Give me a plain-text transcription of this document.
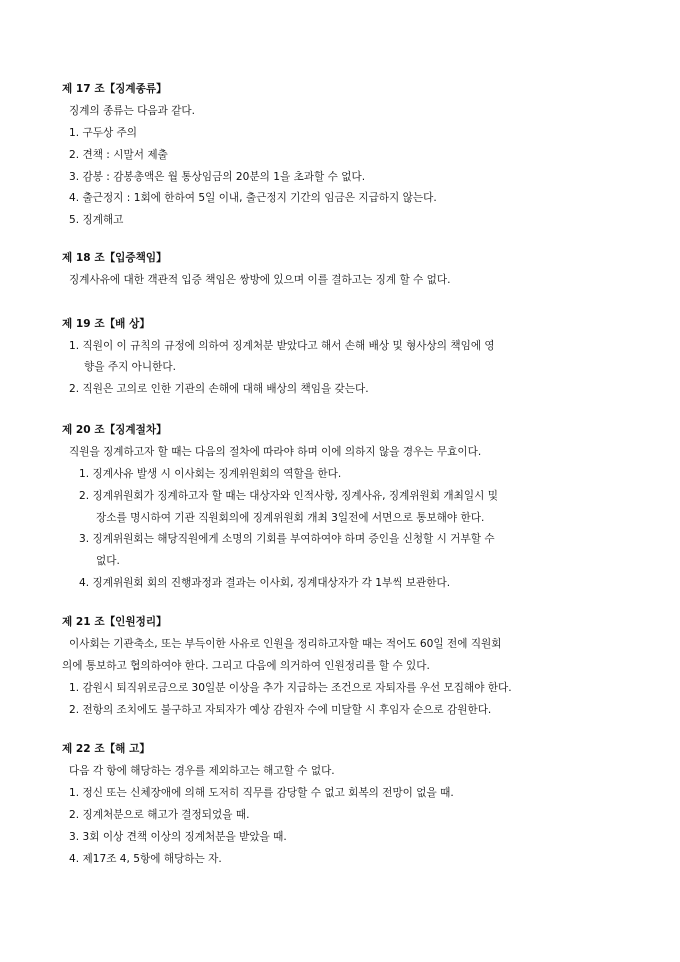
제 17 조【징계종류】
징계의 종류는 다음과 같다.
1. 구두상 주의
2. 견책 : 시말서 제출
3. 감봉 : 감봉총액은 월 통상임금의 20분의 1을 초과할 수 없다.
4. 출근정지 : 1회에 한하여 5일 이내, 출근정지 기간의 임금은 지급하지 않는다.
5. 징계해고
제 18 조【입증책임】
징계사유에 대한 객관적 입증 책임은 쌍방에 있으며 이를 결하고는 징계 할 수 없다.
제 19 조【배 상】
1. 직원이 이 규칙의 규정에 의하여 징계처분 받았다고 해서 손해 배상 및 형사상의 책임에 영
향을 주지 아니한다.
2. 직원은 고의로 인한 기관의 손해에 대해 배상의 책임을 갖는다.
제 20 조【징계절차】
직원을 징계하고자 할 때는 다음의 절차에 따라야 하며 이에 의하지 않을 경우는 무효이다.
1. 징계사유 발생 시 이사회는 징계위원회의 역할을 한다.
2. 징계위원회가 징계하고자 할 때는 대상자와 인적사항, 징계사유, 징계위원회 개최일시 및
장소를 명시하여 기관 직원회의에 징계위원회 개최 3일전에 서면으로 통보해야 한다.
3. 징계위원회는 해당직원에게 소명의 기회를 부여하여야 하며 증인을 신청할 시 거부할 수
없다.
4. 징계위원회 회의 진행과정과 결과는 이사회, 징계대상자가 각 1부씩 보관한다.
제 21 조【인원정리】
이사회는 기관축소, 또는 부득이한 사유로 인원을 정리하고자할 때는 적어도 60일 전에 직원회
의에 통보하고 협의하여야 한다. 그리고 다음에 의거하여 인원정리를 할 수 있다.
1. 감원시 퇴직위로금으로 30일분 이상을 추가 지급하는 조건으로 자퇴자를 우선 모집해야 한다.
2. 전항의 조치에도 불구하고 자퇴자가 예상 감원자 수에 미달할 시 후임자 순으로 감원한다.
제 22 조【해 고】
다음 각 항에 해당하는 경우를 제외하고는 해고할 수 없다.
1. 정신 또는 신체장애에 의해 도저히 직무를 감당할 수 없고 회복의 전망이 없을 때.
2. 징계처분으로 해고가 결정되었을 때.
3. 3회 이상 견책 이상의 징계처분을 받았을 때.
4. 제17조 4, 5항에 해당하는 자.
